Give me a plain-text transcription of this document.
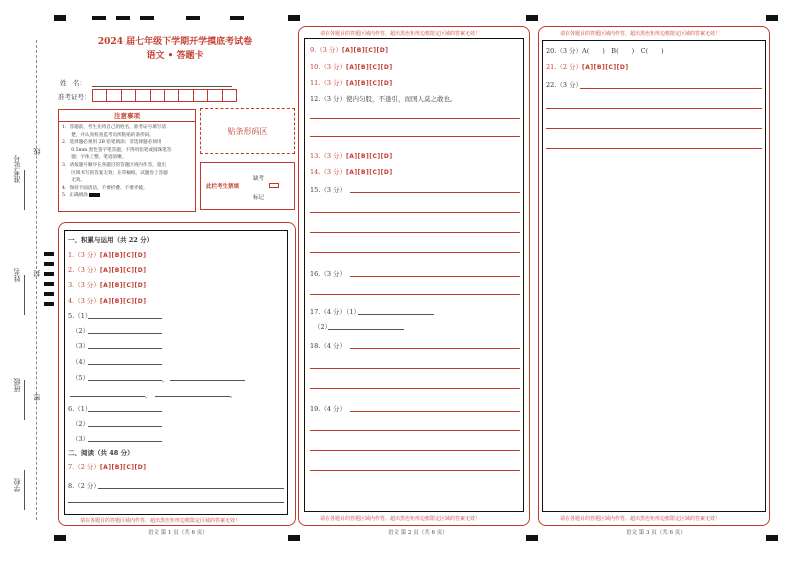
准考证号
线
姓名 封
班级
密
学校
2024 届七年级下学期开学摸底考试卷
语文 • 答题卡
姓　名：
准考证号：
注意事项
1．答题前，考生先将自己的姓名，准考证号填写清
　　楚，并认真检查监考员所粘贴的条形码。
2．选择题必须用 2B 铅笔填涂；非选择题必须用
　　0.5mm 黑色签字笔答题，不得用铅笔或圆珠笔答
　　题；字体工整、笔迹清晰。
3．请按题号顺序在各题目的答题区域内作答，超出
　　区域书写的答案无效；在草稿纸、试题卷上答题
　　无效。
4．保持卡面清洁，不要折叠、不要弄破。
5．正确填涂
贴条形码区
此栏考生禁填
缺考
标记
一、积累与运用（共 22 分）
1.（3 分）[A][B][C][D]
2.（3 分）[A][B][C][D]
3.（3 分）[A][B][C][D]
4.（3 分）[A][B][C][D]
5.（1）
（2）
（3）
（4）
（5）	，
，	。
6.（1）
（2）
（3）
二、阅读（共 48 分）
7.（2 分）[A][B][C][D]
8.（2 分）
请在各题目的答题区域内作答，超出黑色矩形边框限定区域的答案无效！
语文 第 1 页（共 6 页）
请在各题目的答题区域内作答，超出黑色矩形边框限定区域的答案无效！
9.（3 分）[A][B][C][D]
10.（3 分）[A][B][C][D]
11.（3 分）[A][B][C][D]
12.（3 分）使内匀股，不逢引，而国人莫之敢也。
13.（3 分）[A][B][C][D]
14.（3 分）[A][B][C][D]
15.（3 分）
16.（3 分）
17.（4 分）（1）
（2）
18.（4 分）
19.（4 分）
请在各题目的答题区域内作答，超出黑色矩形边框限定区域的答案无效！
语文 第 2 页（共 6 页）
请在各题目的答题区域内作答，超出黑色矩形边框限定区域的答案无效！
20.（3 分）A(　　)　B(　　)　C(　　)
21.（2 分）[A][B][C][D]
22.（3 分）
请在各题目的答题区域内作答，超出黑色矩形边框限定区域的答案无效！
语文 第 3 页（共 6 页）
